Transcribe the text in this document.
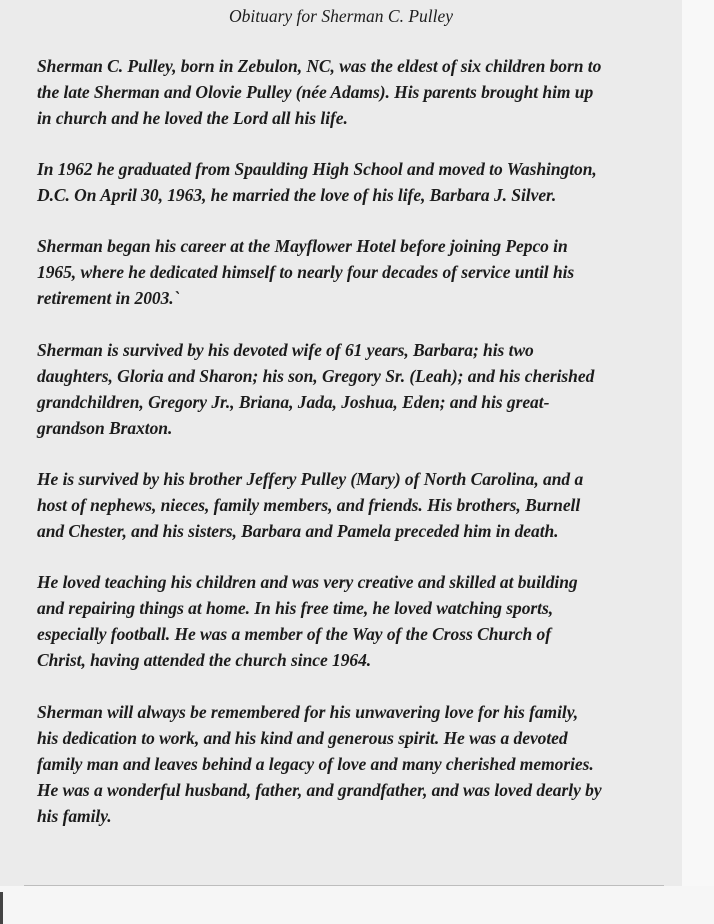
Obituary for Sherman C. Pulley

Sherman C. Pulley, born in Zebulon, NC, was the eldest of six children born to
the late Sherman and Olovie Pulley (née Adams). His parents brought him up
in church and he loved the Lord all his life.

In 1962 he graduated from Spaulding High School and moved to Washington,
D.C. On April 30, 1963, he married the love of his life, Barbara J. Silver.

Sherman began his career at the Mayflower Hotel before joining Pepco in
1965, where he dedicated himself to nearly four decades of service until his
retirement in 2003.`

Sherman is survived by his devoted wife of 61 years, Barbara; his two
daughters, Gloria and Sharon; his son, Gregory Sr. (Leah); and his cherished
grandchildren, Gregory Jr., Briana, Jada, Joshua, Eden; and his great-
grandson Braxton.

He is survived by his brother Jeffery Pulley (Mary) of North Carolina, and a
host of nephews, nieces, family members, and friends. His brothers, Burnell
and Chester, and his sisters, Barbara and Pamela preceded him in death.

He loved teaching his children and was very creative and skilled at building
and repairing things at home. In his free time, he loved watching sports,
especially football. He was a member of the Way of the Cross Church of
Christ, having attended the church since 1964.

Sherman will always be remembered for his unwavering love for his family,
his dedication to work, and his kind and generous spirit. He was a devoted
family man and leaves behind a legacy of love and many cherished memories.
He was a wonderful husband, father, and grandfather, and was loved dearly by
his family.
